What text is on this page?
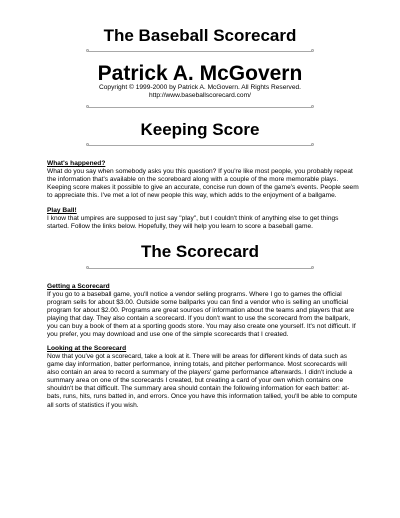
The Baseball Scorecard
Patrick A. McGovern

Copyright © 1999-2000 by Patrick A. McGovern. All Rights Reserved.

http://www.baseballscorecard.com/

Keeping Score

What's happened?

What do you say when somebody asks you this question? If you're like most people, you probably repeat the information that's available on the scoreboard along with a couple of the more memorable plays. Keeping score makes it possible to give an accurate, concise run down of the game's events. People seem to appreciate this. I've met a lot of new people this way, which adds to the enjoyment of a ballgame.

Play Ball!

I know that umpires are supposed to just say "play", but I couldn't think of anything else to get things started. Follow the links below. Hopefully, they will help you learn to score a baseball game.

The Scorecard

Getting a Scorecard

If you go to a baseball game, you'll notice a vendor selling programs. Where I go to games the official program sells for about $3.00. Outside some ballparks you can find a vendor who is selling an unofficial program for about $2.00. Programs are great sources of information about the teams and players that are playing that day. They also contain a scorecard. If you don't want to use the scorecard from the ballpark, you can buy a book of them at a sporting goods store. You may also create one yourself. It's not difficult. If you prefer, you may download and use one of the simple scorecards that I created.

Looking at the Scorecard

Now that you've got a scorecard, take a look at it. There will be areas for different kinds of data such as game day information, batter performance, inning totals, and pitcher performance. Most scorecards will also contain an area to record a summary of the players' game performance afterwards. I didn't include a summary area on one of the scorecards I created, but creating a card of your own which contains one shouldn't be that difficult. The summary area should contain the following information for each batter: at-bats, runs, hits, runs batted in, and errors. Once you have this information tallied, you'll be able to compute all sorts of statistics if you wish.
